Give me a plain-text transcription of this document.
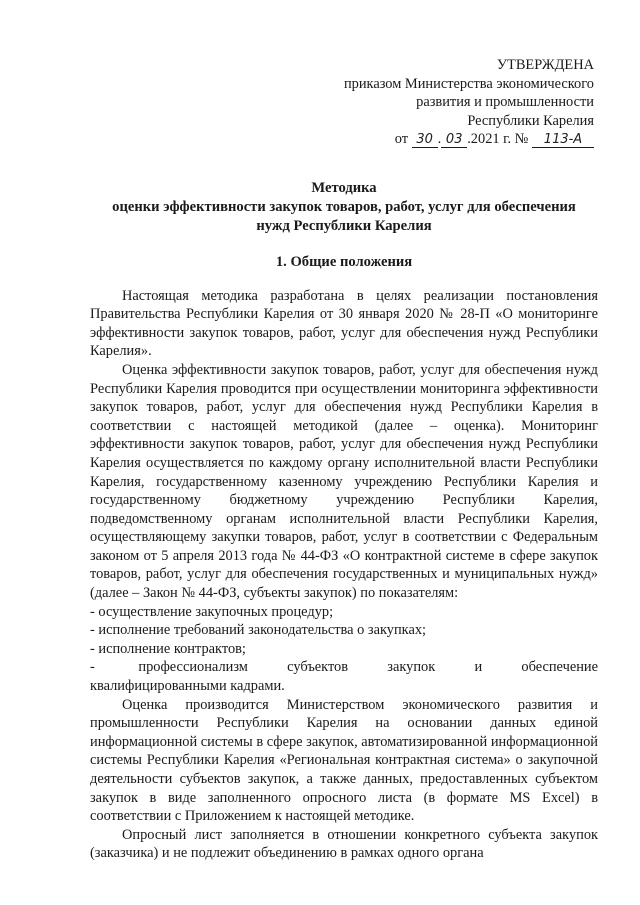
УТВЕРЖДЕНА
приказом Министерства экономического
развития и промышленности
Республики Карелия
от 30 . 03 .2021 г. № 113-А
Методика
оценки эффективности закупок товаров, работ, услуг для обеспечения
нужд Республики Карелия
1. Общие положения

Настоящая методика разработана в целях реализации постановления Правительства Республики Карелия от 30 января 2020 № 28-П «О мониторинге эффективности закупок товаров, работ, услуг для обеспечения нужд Республики Карелия».

Оценка эффективности закупок товаров, работ, услуг для обеспечения нужд Республики Карелия проводится при осуществлении мониторинга эффективности закупок товаров, работ, услуг для обеспечения нужд Республики Карелия в соответствии с настоящей методикой (далее – оценка). Мониторинг эффективности закупок товаров, работ, услуг для обеспечения нужд Республики Карелия осуществляется по каждому органу исполнительной власти Республики Карелия, государственному казенному учреждению Республики Карелия и государственному бюджетному учреждению Республики Карелия, подведомственному органам исполнительной власти Республики Карелия, осуществляющему закупки товаров, работ, услуг в соответствии с Федеральным законом от 5 апреля 2013 года № 44-ФЗ «О контрактной системе в сфере закупок товаров, работ, услуг для обеспечения государственных и муниципальных нужд» (далее – Закон № 44-ФЗ, субъекты закупок) по показателям:

- осуществление закупочных процедур;
- исполнение требований законодательства о закупках;
- исполнение контрактов;
-          профессионализм         субъектов         закупок         и         обеспечение
квалифицированными кадрами.

Оценка производится Министерством экономического развития и промышленности Республики Карелия на основании данных единой информационной системы в сфере закупок, автоматизированной информационной системы Республики Карелия «Региональная контрактная система» о закупочной деятельности субъектов закупок, а также данных, предоставленных субъектом закупок в виде заполненного опросного листа (в формате MS Excel) в соответствии с Приложением к настоящей методике.

Опросный лист заполняется в отношении конкретного субъекта закупок (заказчика) и не подлежит объединению в рамках одного органа
